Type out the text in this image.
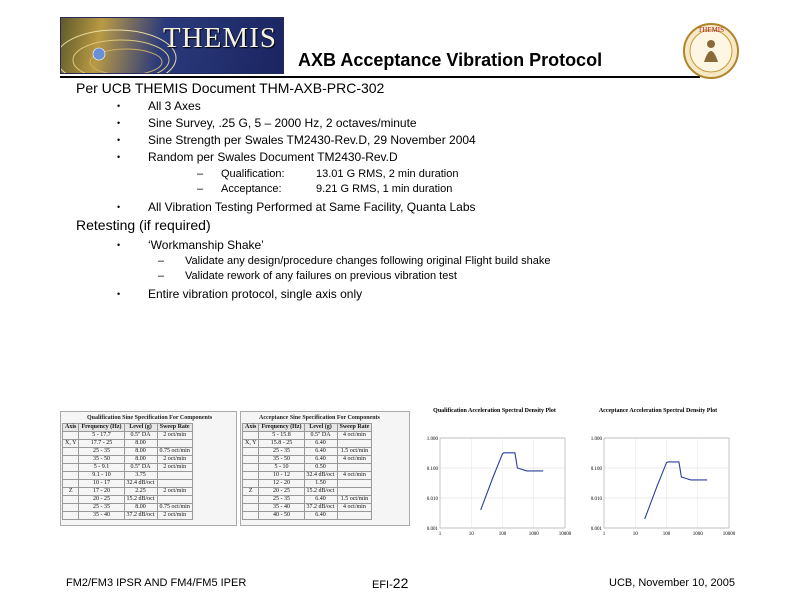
THEMIS
AXB Acceptance Vibration Protocol
THEMIS
Per UCB THEMIS Document THM-AXB-PRC-302
• All 3 Axes
• Sine Survey, .25 G, 5 – 2000 Hz, 2 octaves/minute
• Sine Strength per Swales TM2430-Rev.D, 29 November 2004
• Random per Swales Document TM2430-Rev.D
– Qualification:	13.01 G RMS, 2 min duration
– Acceptance:	9.21 G RMS, 1 min duration
• All Vibration Testing Performed at Same Facility, Quanta Labs
Retesting (if required)
• ‘Workmanship Shake’
– Validate any design/procedure changes following original Flight build shake
– Validate rework of any failures on previous vibration test
• Entire vibration protocol, single axis only
Qualification Sine Specification For Components
Axis	Frequency (Hz)	Level (g)	Sweep Rate
	5 - 17.7	0.5" DA	2 oct/min
X, Y	17.7 - 25	8.00	
	25 - 35	8.00	0.75 oct/min
	35 - 50	8.00	2 oct/min
	5 - 9.1	0.5" DA	2 oct/min
	9.1 - 10	3.75	
	10 - 17	32.4 dB/oct	
Z	17 - 20	2.25	2 oct/min
	20 - 25	15.2 dB/oct	
	25 - 35	8.00	0.75 oct/min
	35 - 40	37.2 dB/oct	2 oct/min
Acceptance Sine Specification For Components
Axis	Frequency (Hz)	Level (g)	Sweep Rate
	5 - 15.8	0.5" DA	4 oct/min
X, Y	15.8 - 25	6.40	
	25 - 35	6.40	1.5 oct/min
	35 - 50	6.40	4 oct/min
	5 - 10	0.50	
	10 - 12	32.4 dB/oct	4 oct/min
	12 - 20	1.50	
Z	20 - 25	15.2 dB/oct	
	25 - 35	6.40	1.5 oct/min
	35 - 40	37.2 dB/oct	4 oct/min
	40 - 50	6.40	
Qualification Acceleration Spectral Density Plot
1.000
0.100
0.010
0.001
1	10	100	1000	10000
Acceptance Acceleration Spectral Density Plot
1.000
0.100
0.010
0.001
1	10	100	1000	10000
FM2/FM3 IPSR AND FM4/FM5 IPER	EFI-22	UCB, November 10, 2005
